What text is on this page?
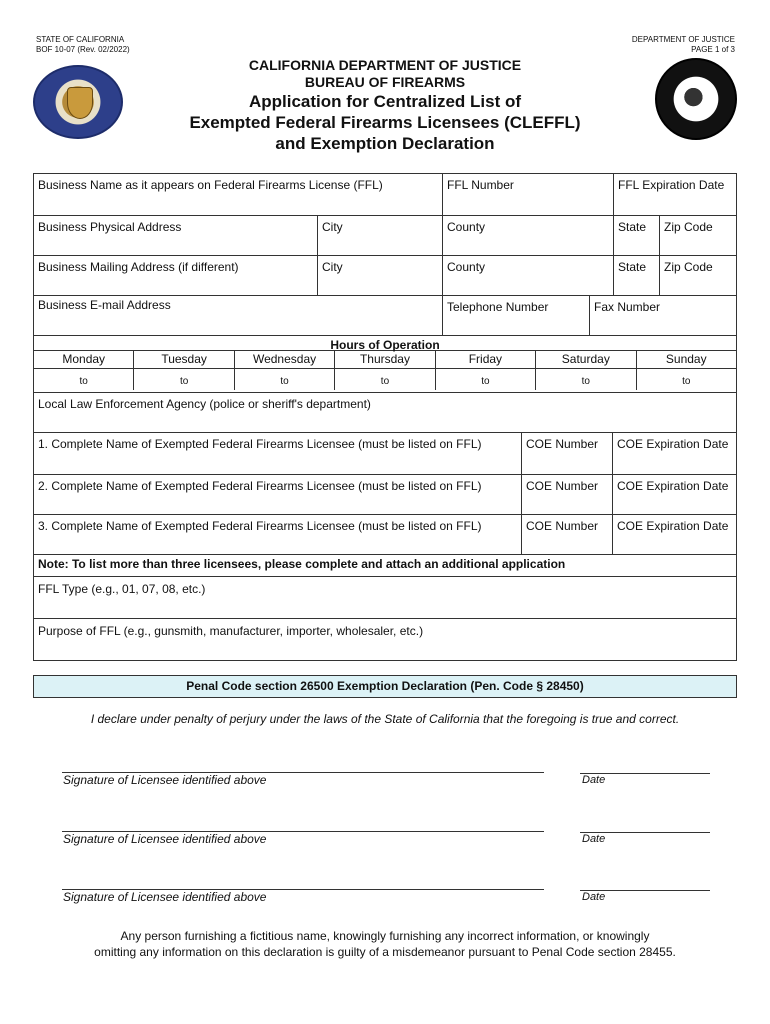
STATE OF CALIFORNIA
BOF 10-07 (Rev. 02/2022)
DEPARTMENT OF JUSTICE
PAGE 1 of 3
CALIFORNIA DEPARTMENT OF JUSTICE
BUREAU OF FIREARMS
Application for Centralized List of
Exempted Federal Firearms Licensees (CLEFFL)
and Exemption Declaration
Business Name as it appears on Federal Firearms License (FFL)	FFL Number	FFL Expiration Date
Business Physical Address	City	County	State	Zip Code
Business Mailing Address (if different)	City	County	State	Zip Code
Business E-mail Address	Telephone Number	Fax Number
Hours of Operation
Monday	Tuesday	Wednesday	Thursday	Friday	Saturday	Sunday
to	to	to	to	to	to	to
Local Law Enforcement Agency (police or sheriff's department)
1. Complete Name of Exempted Federal Firearms Licensee (must be listed on FFL)	COE Number	COE Expiration Date
2. Complete Name of Exempted Federal Firearms Licensee (must be listed on FFL)	COE Number	COE Expiration Date
3. Complete Name of Exempted Federal Firearms Licensee (must be listed on FFL)	COE Number	COE Expiration Date
Note: To list more than three licensees, please complete and attach an additional application
FFL Type (e.g., 01, 07, 08, etc.)
Purpose of FFL (e.g., gunsmith, manufacturer, importer, wholesaler, etc.)
Penal Code section 26500 Exemption Declaration (Pen. Code § 28450)
I declare under penalty of perjury under the laws of the State of California that the foregoing is true and correct.
Signature of Licensee identified above	Date
Signature of Licensee identified above	Date
Signature of Licensee identified above	Date
Any person furnishing a fictitious name, knowingly furnishing any incorrect information, or knowingly
omitting any information on this declaration is guilty of a misdemeanor pursuant to Penal Code section 28455.
